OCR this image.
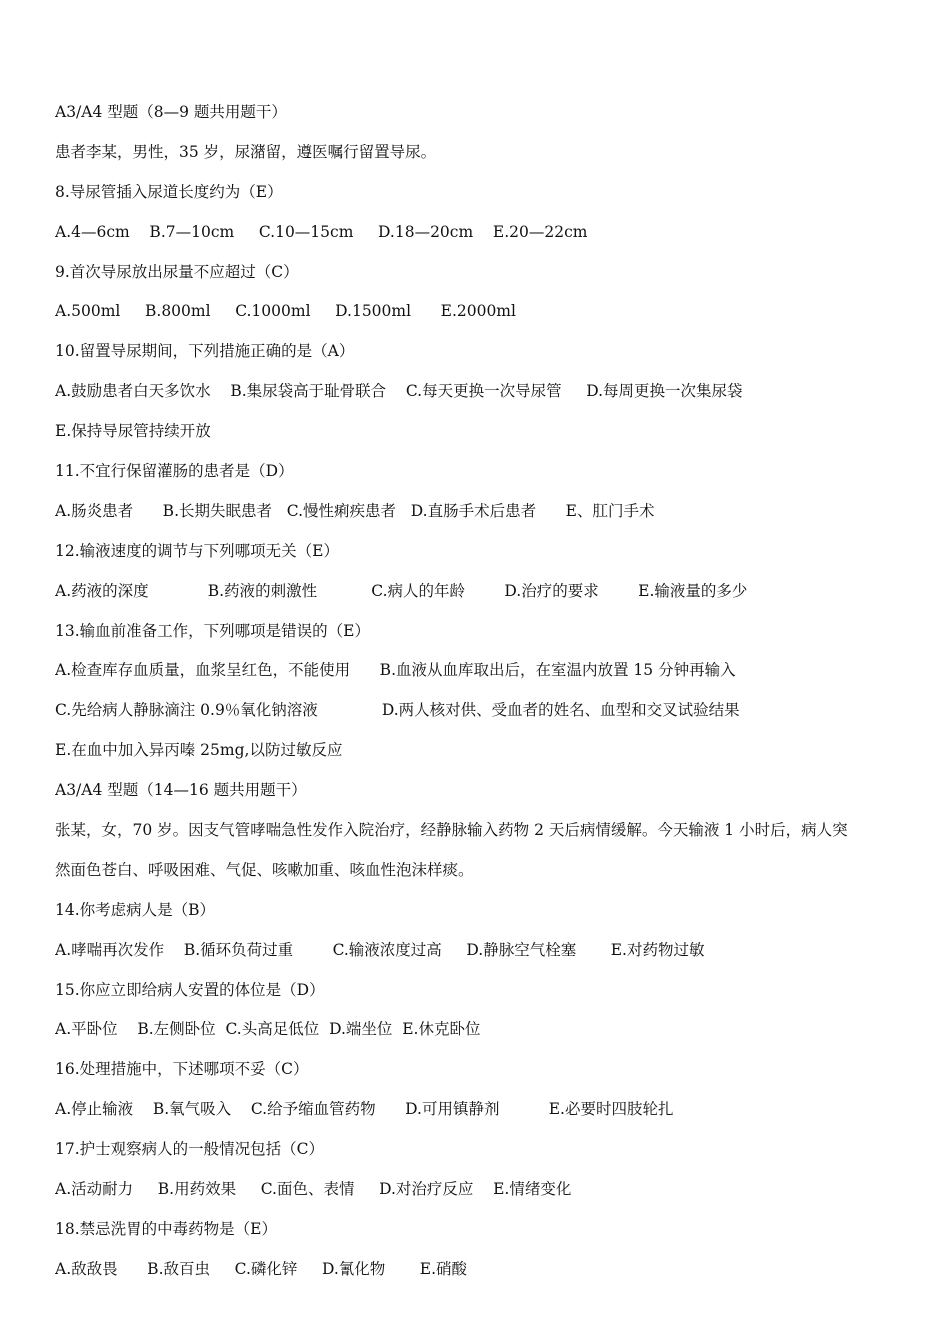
A3/A4 型题（8—9 题共用题干）
患者李某，男性，35 岁，尿潴留，遵医嘱行留置导尿。
8.导尿管插入尿道长度约为（E）
A.4—6cm    B.7—10cm     C.10—15cm     D.18—20cm    E.20—22cm
9.首次导尿放出尿量不应超过（C）
A.500ml     B.800ml     C.1000ml     D.1500ml      E.2000ml
10.留置导尿期间，下列措施正确的是（A）
A.鼓励患者白天多饮水    B.集尿袋高于耻骨联合    C.每天更换一次导尿管     D.每周更换一次集尿袋
E.保持导尿管持续开放
11.不宜行保留灌肠的患者是（D）
A.肠炎患者      B.长期失眠患者   C.慢性痢疾患者   D.直肠手术后患者      E、肛门手术
12.输液速度的调节与下列哪项无关（E）
A.药液的深度            B.药液的刺激性           C.病人的年龄        D.治疗的要求        E.输液量的多少
13.输血前准备工作，下列哪项是错误的（E）
A.检查库存血质量，血浆呈红色，不能使用      B.血液从血库取出后，在室温内放置 15 分钟再输入
C.先给病人静脉滴注 0.9％氧化钠溶液             D.两人核对供、受血者的姓名、血型和交叉试验结果
E.在血中加入异丙嗪 25mg,以防过敏反应
A3/A4 型题（14—16 题共用题干）
张某，女，70 岁。因支气管哮喘急性发作入院治疗，经静脉输入药物 2 天后病情缓解。今天输液 1 小时后，病人突
然面色苍白、呼吸困难、气促、咳嗽加重、咳血性泡沫样痰。
14.你考虑病人是（B）
A.哮喘再次发作    B.循环负荷过重        C.输液浓度过高     D.静脉空气栓塞       E.对药物过敏
15.你应立即给病人安置的体位是（D）
A.平卧位    B.左侧卧位  C.头高足低位  D.端坐位  E.休克卧位
16.处理措施中，下述哪项不妥（C）
A.停止输液    B.氧气吸入    C.给予缩血管药物      D.可用镇静剂          E.必要时四肢轮扎
17.护士观察病人的一般情况包括（C）
A.活动耐力     B.用药效果     C.面色、表情     D.对治疗反应    E.情绪变化
18.禁忌洗胃的中毒药物是（E）
A.敌敌畏      B.敌百虫     C.磷化锌     D.氰化物       E.硝酸
